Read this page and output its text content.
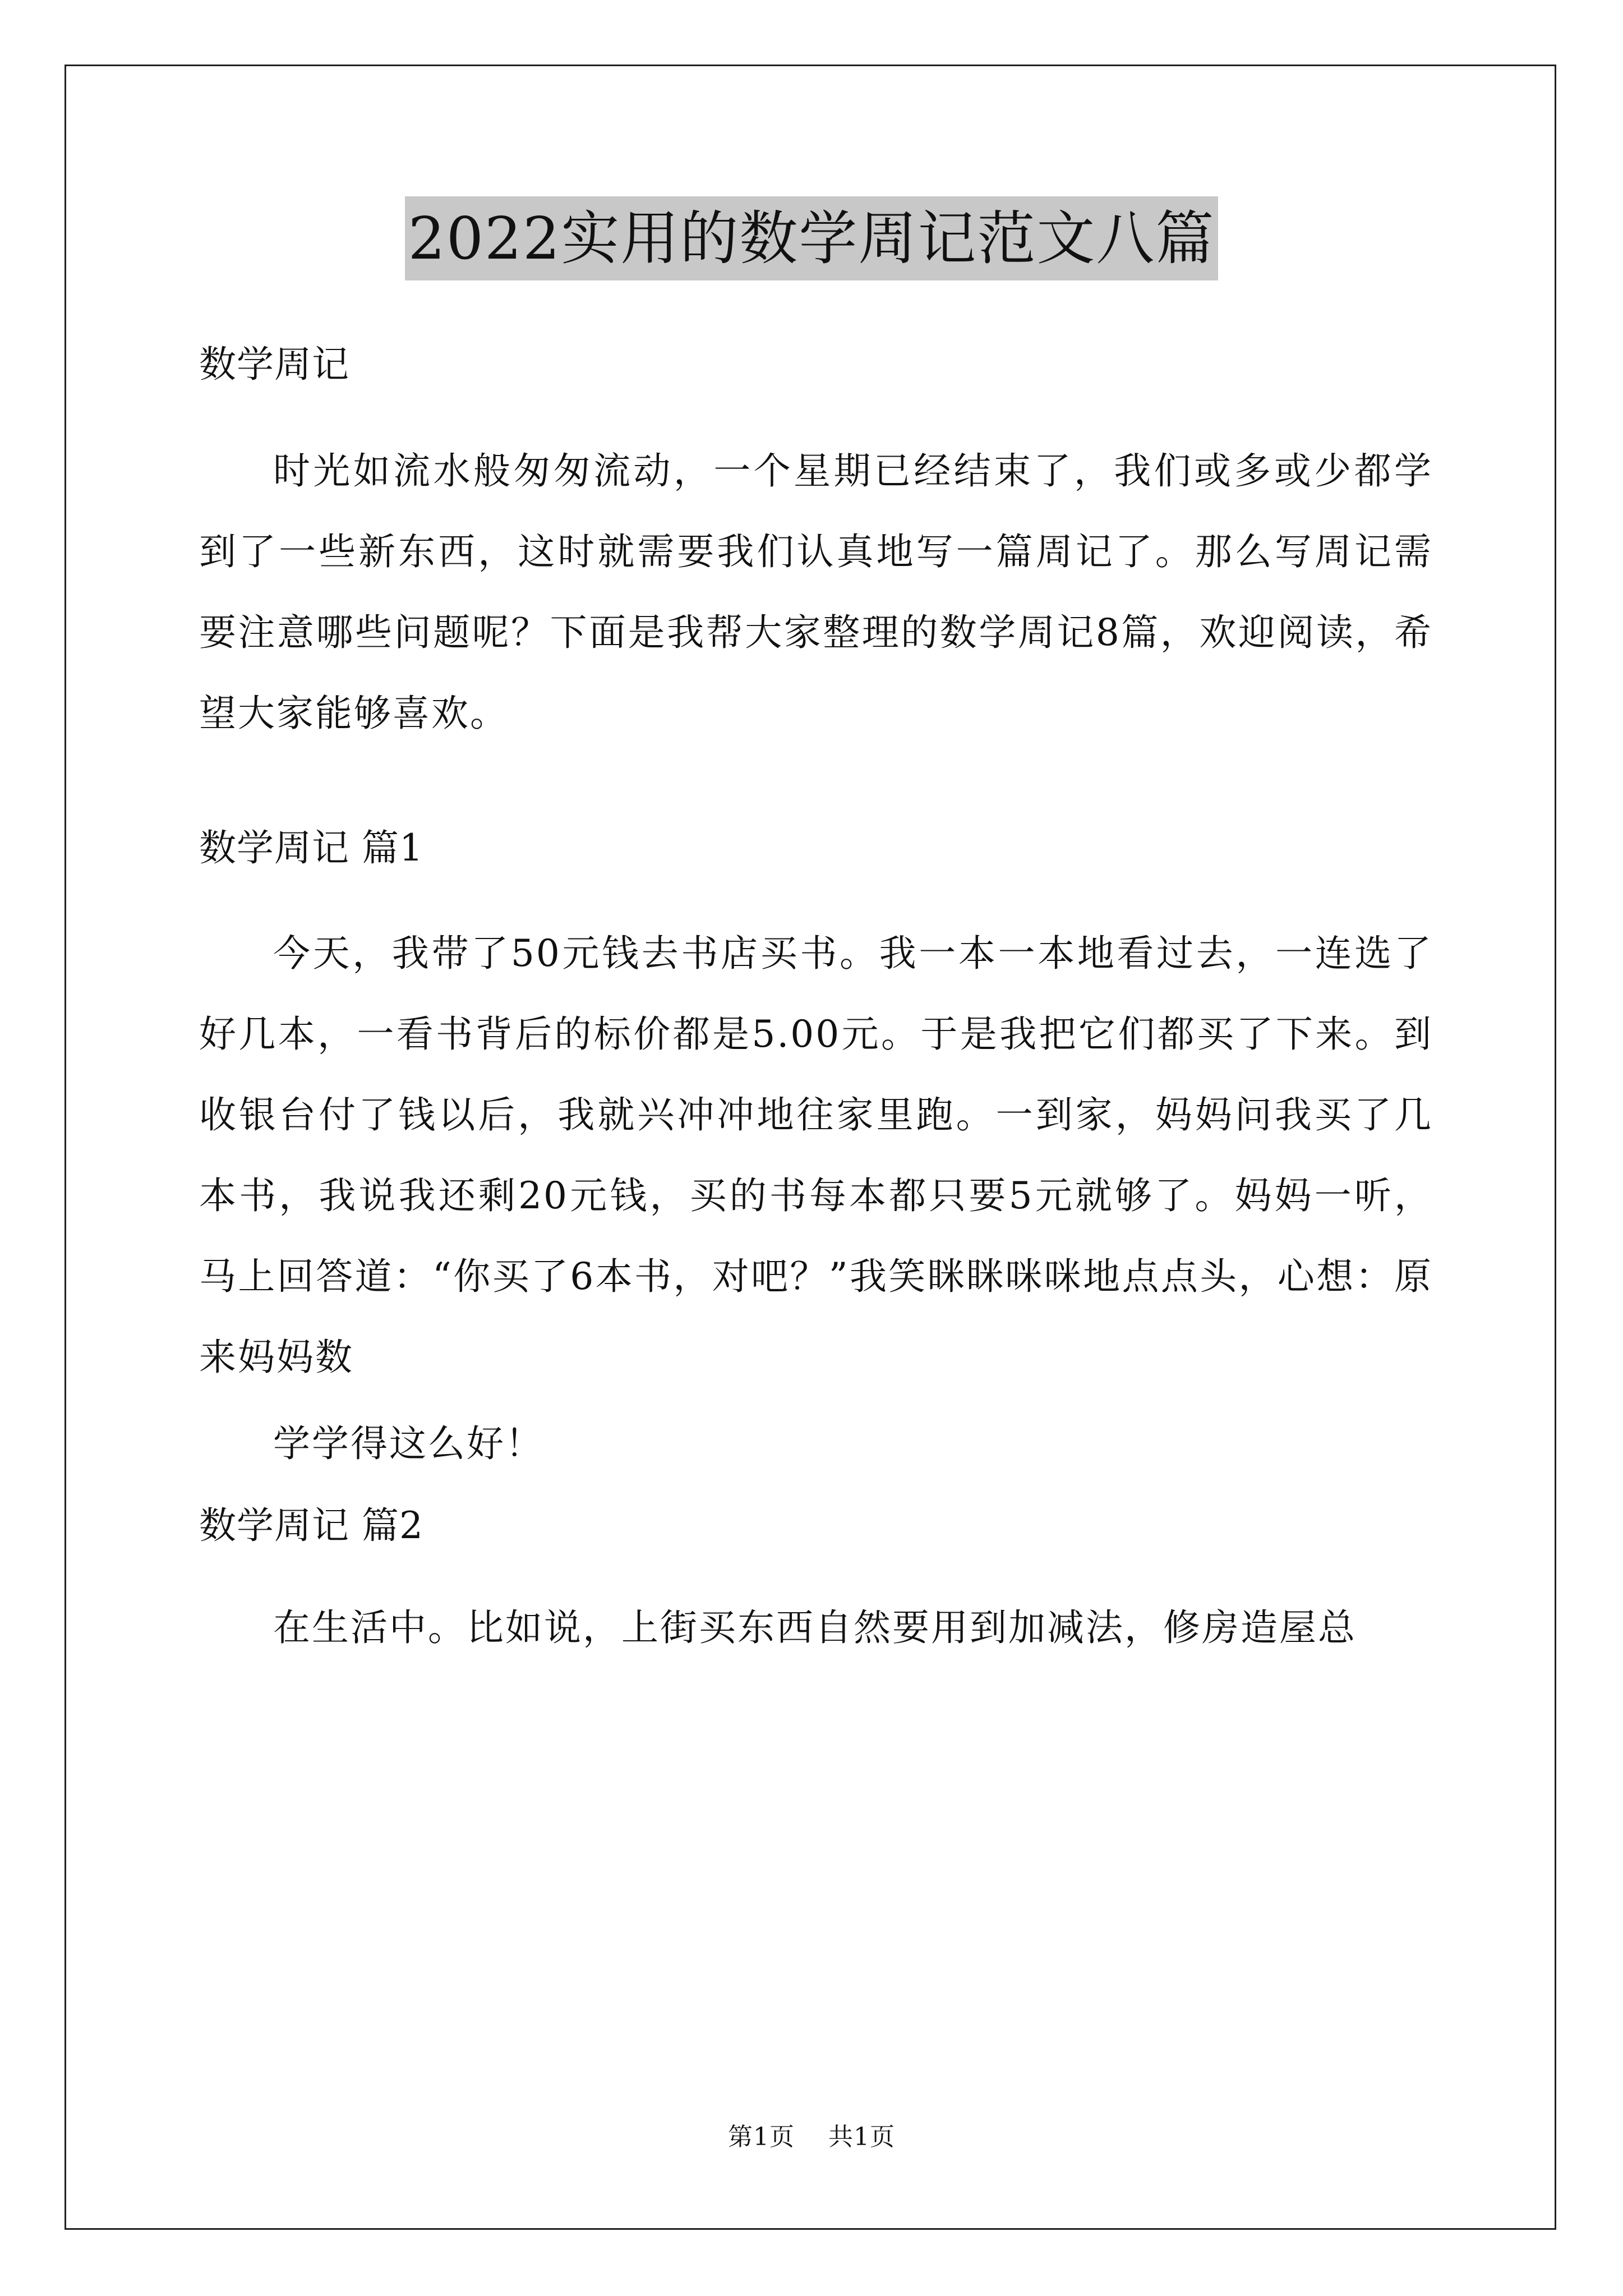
2022实用的数学周记范文八篇
数学周记
时光如流水般匆匆流动，一个星期已经结束了，我们或多或少都学到了一些新东西，这时就需要我们认真地写一篇周记了。那么写周记需要注意哪些问题呢？下面是我帮大家整理的数学周记8篇，欢迎阅读，希望大家能够喜欢。
数学周记 篇1
今天，我带了50元钱去书店买书。我一本一本地看过去，一连选了好几本，一看书背后的标价都是5.00元。于是我把它们都买了下来。到收银台付了钱以后，我就兴冲冲地往家里跑。一到家，妈妈问我买了几本书，我说我还剩20元钱，买的书每本都只要5元就够了。妈妈一听，马上回答道：“你买了6本书，对吧？”我笑眯眯咪咪地点点头，心想：原来妈妈数
学学得这么好！
数学周记 篇2
在生活中。比如说，上街买东西自然要用到加减法，修房造屋总
第1页 共1页
